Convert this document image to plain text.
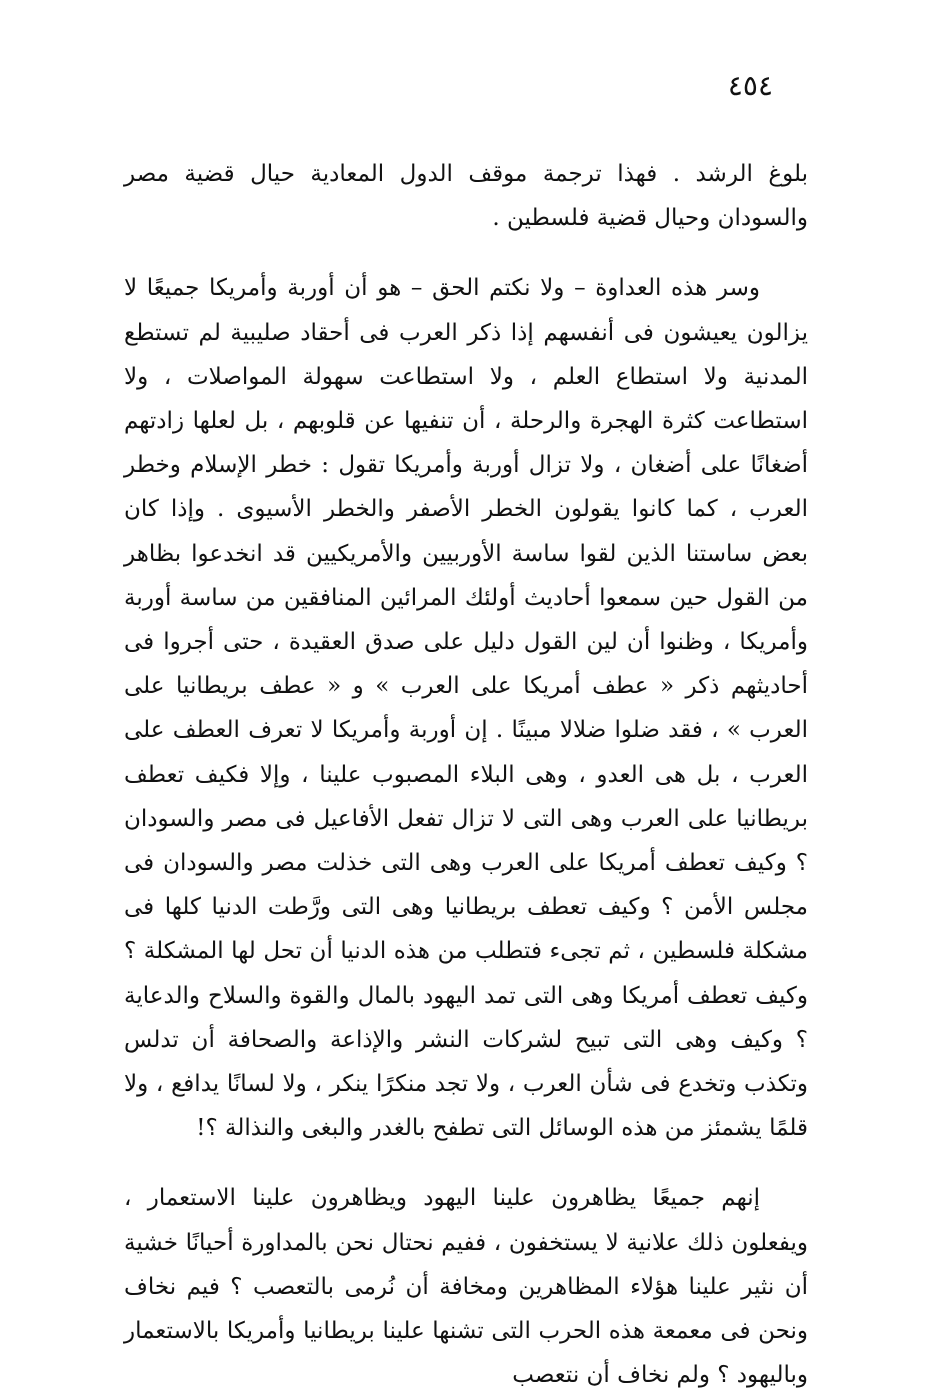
٤٥٤

بلوغ الرشد . فهذا ترجمة موقف الدول المعادية حيال قضية مصر والسودان وحيال قضية فلسطين .

وسر هذه العداوة – ولا نكتم الحق – هو أن أوربة وأمريكا جميعًا لا يزالون يعيشون فى أنفسهم إذا ذكر العرب فى أحقاد صليبية لم تستطع المدنية ولا استطاع العلم ، ولا استطاعت سهولة المواصلات ، ولا استطاعت كثرة الهجرة والرحلة ، أن تنفيها عن قلوبهم ، بل لعلها زادتهم أضغانًا على أضغان ، ولا تزال أوربة وأمريكا تقول : خطر الإسلام وخطر العرب ، كما كانوا يقولون الخطر الأصفر والخطر الأسيوى . وإذا كان بعض ساستنا الذين لقوا ساسة الأوربيين والأمريكيين قد انخدعوا بظاهر من القول حين سمعوا أحاديث أولئك المرائين المنافقين من ساسة أوربة وأمريكا ، وظنوا أن لين القول دليل على صدق العقيدة ، حتى أجروا فى أحاديثهم ذكر « عطف أمريكا على العرب » و « عطف بريطانيا على العرب » ، فقد ضلوا ضلالا مبينًا . إن أوربة وأمريكا لا تعرف العطف على العرب ، بل هى العدو ، وهى البلاء المصبوب علينا ، وإلا فكيف تعطف بريطانيا على العرب وهى التى لا تزال تفعل الأفاعيل فى مصر والسودان ؟ وكيف تعطف أمريكا على العرب وهى التى خذلت مصر والسودان فى مجلس الأمن ؟ وكيف تعطف بريطانيا وهى التى ورَّطت الدنيا كلها فى مشكلة فلسطين ، ثم تجىء فتطلب من هذه الدنيا أن تحل لها المشكلة ؟ وكيف تعطف أمريكا وهى التى تمد اليهود بالمال والقوة والسلاح والدعاية ؟ وكيف وهى التى تبيح لشركات النشر والإذاعة والصحافة أن تدلس وتكذب وتخدع فى شأن العرب ، ولا تجد منكرًا ينكر ، ولا لسانًا يدافع ، ولا قلمًا يشمئز من هذه الوسائل التى تطفح بالغدر والبغى والنذالة ؟!

إنهم جميعًا يظاهرون علينا اليهود ويظاهرون علينا الاستعمار ، ويفعلون ذلك علانية لا يستخفون ، ففيم نحتال نحن بالمداورة أحيانًا خشية أن نثير علينا هؤلاء المظاهرين ومخافة أن نُرمى بالتعصب ؟ فيم نخاف ونحن فى معمعة هذه الحرب التى تشنها علينا بريطانيا وأمريكا بالاستعمار وباليهود ؟ ولم نخاف أن نتعصب
